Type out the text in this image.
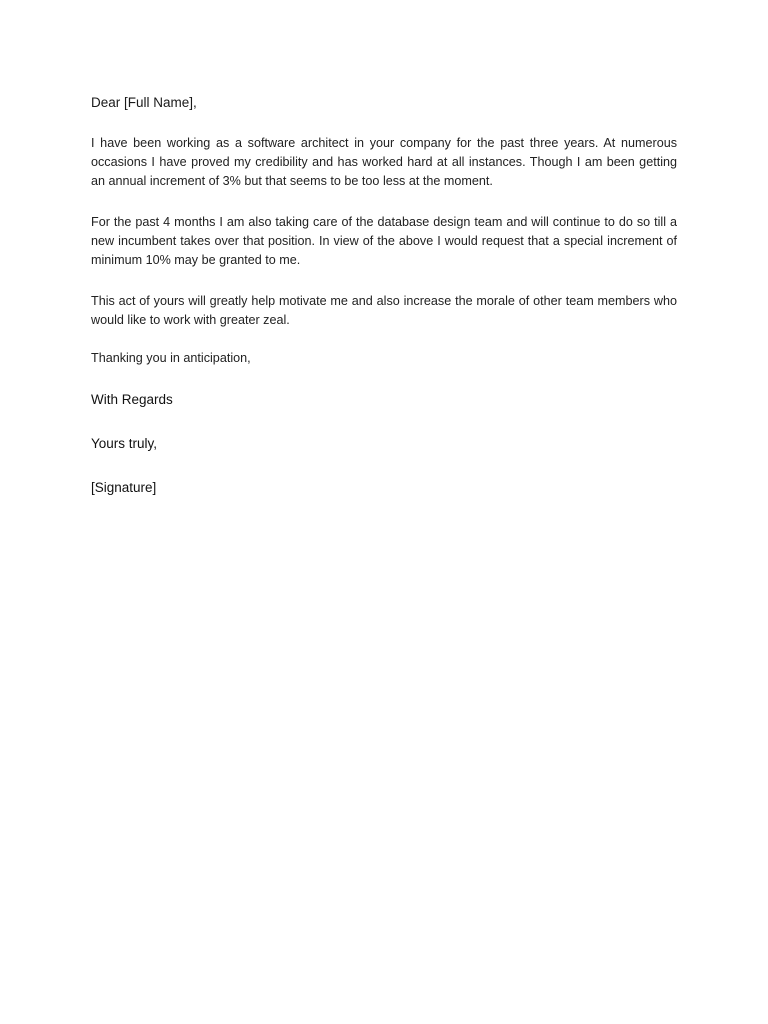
Dear [Full Name],

I have been working as a software architect in your company for the past three years. At numerous occasions I have proved my credibility and has worked hard at all instances. Though I am been getting an annual increment of 3% but that seems to be too less at the moment.

For the past 4 months I am also taking care of the database design team and will continue to do so till a new incumbent takes over that position. In view of the above I would request that a special increment of minimum 10% may be granted to me.

This act of yours will greatly help motivate me and also increase the morale of other team members who would like to work with greater zeal.

Thanking you in anticipation,

With Regards

Yours truly,

[Signature]
